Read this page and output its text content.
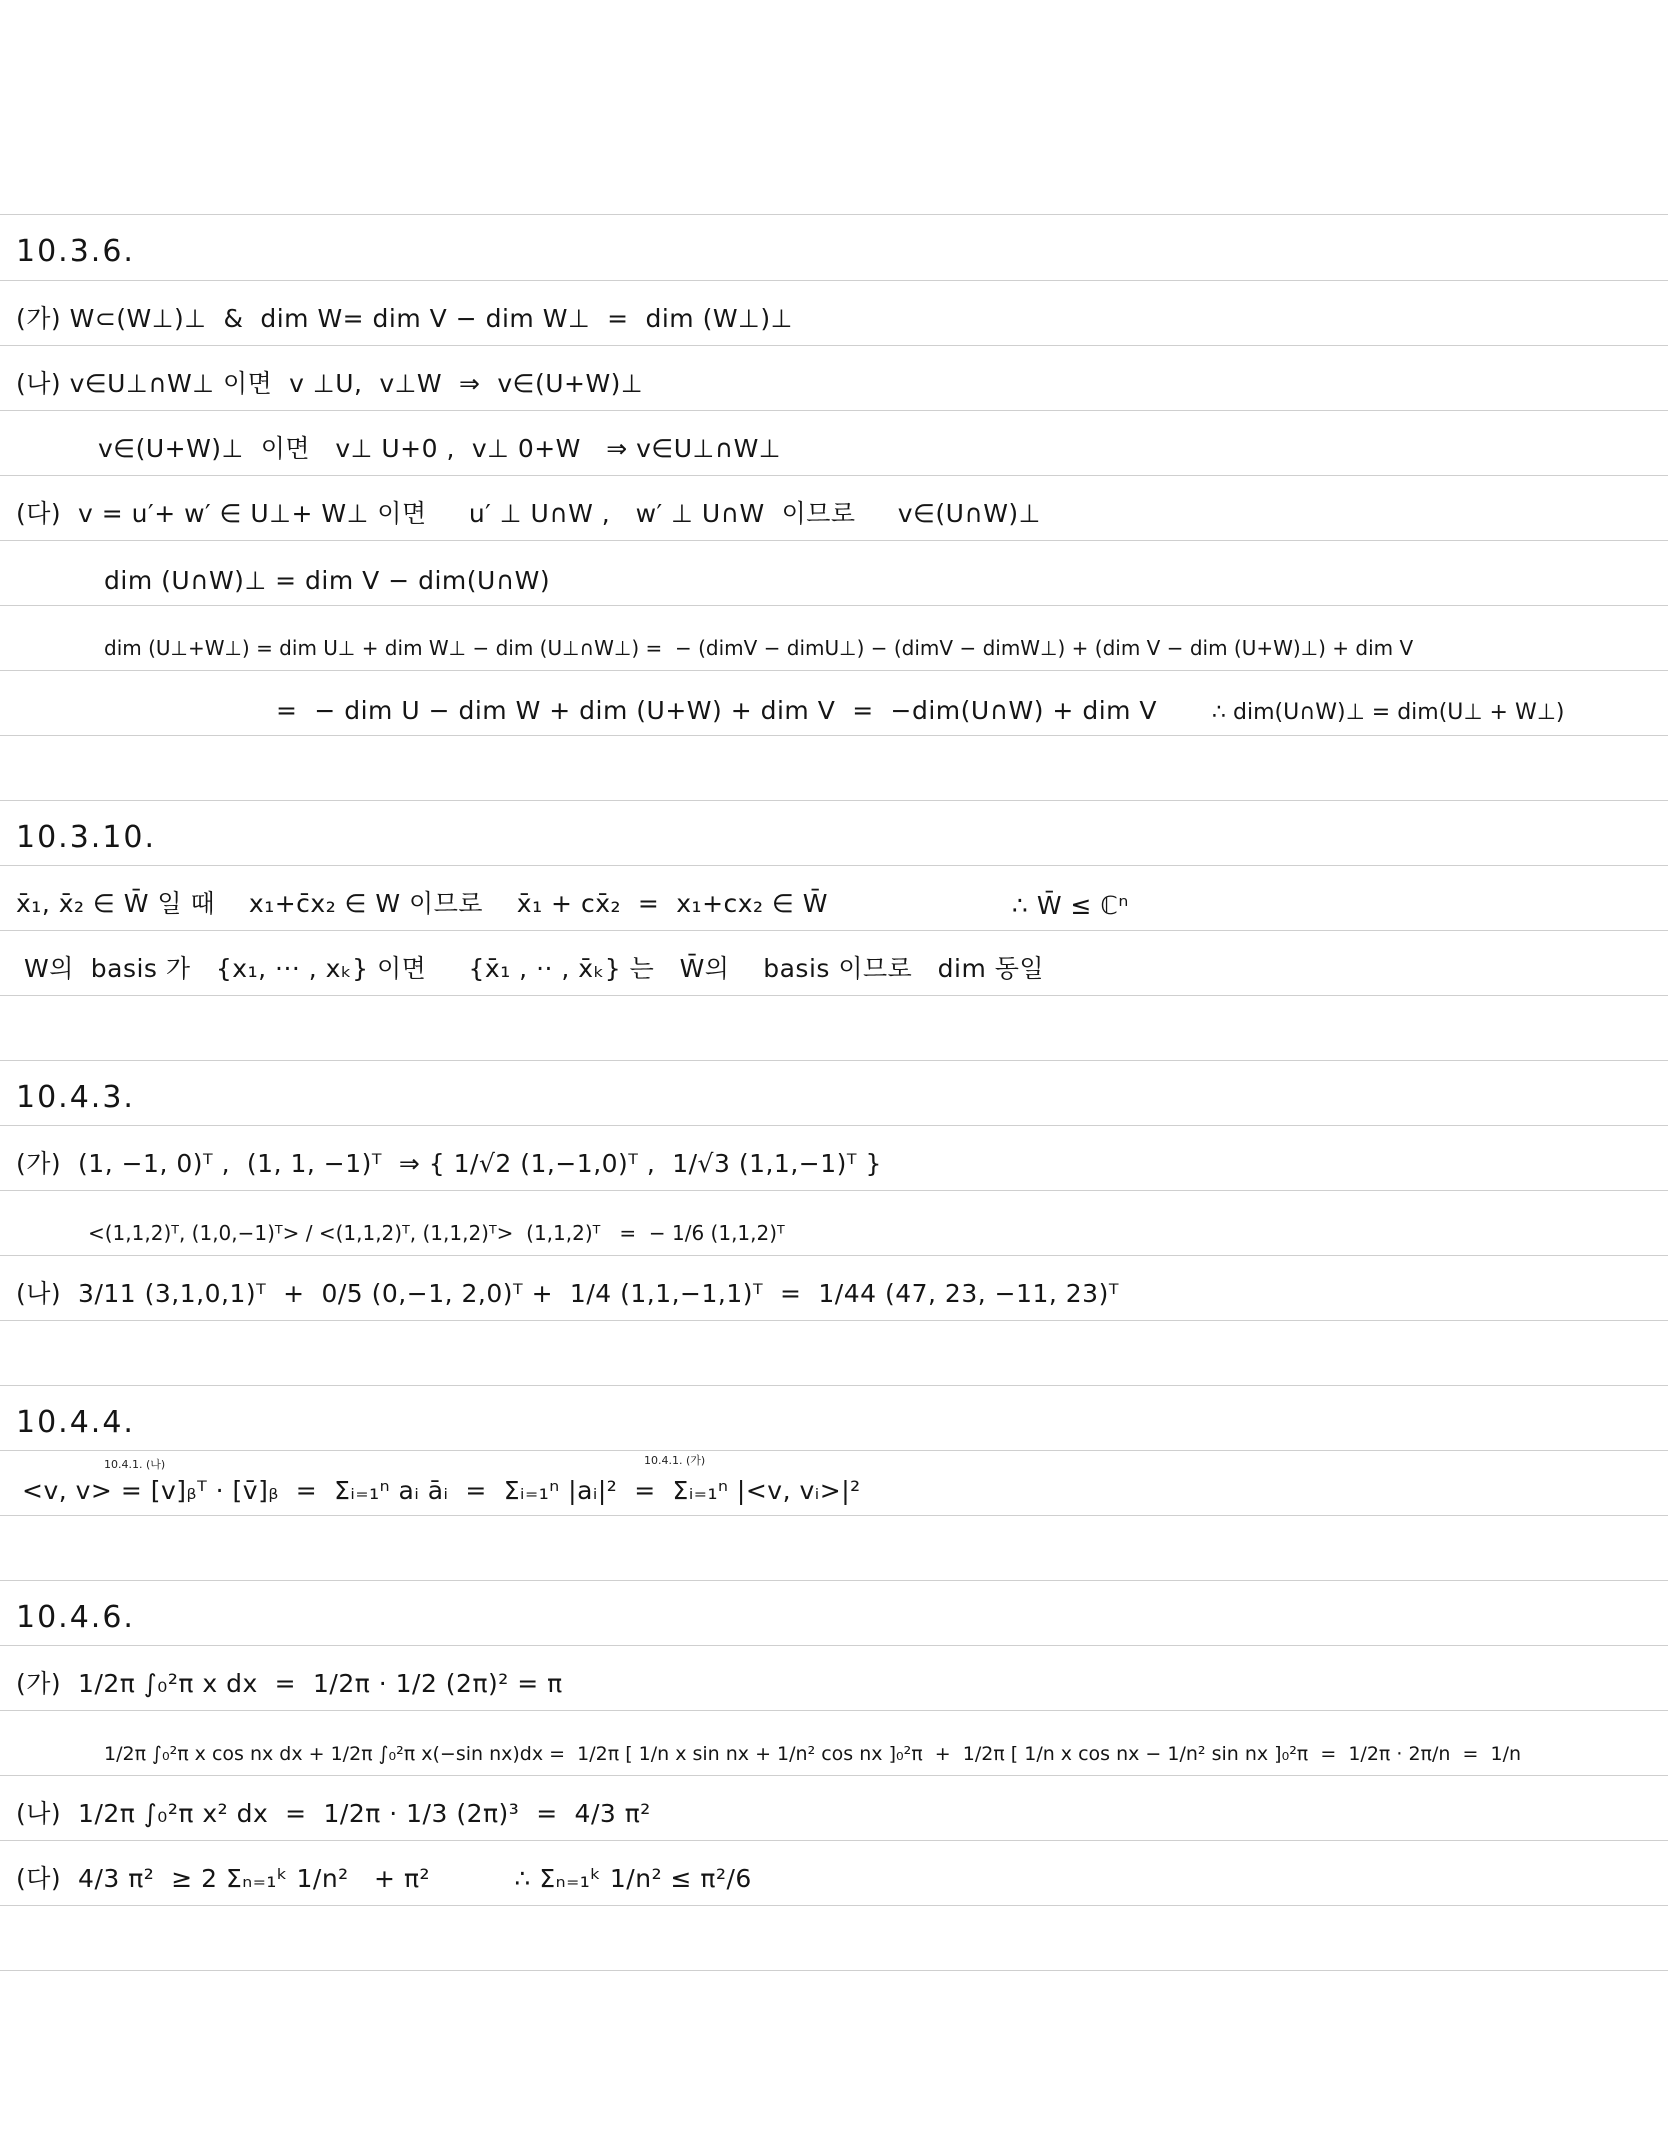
10.3.6.
(가) W⊂(W⊥)⊥  &  dim W= dim V − dim W⊥  =  dim (W⊥)⊥
(나) v∈U⊥∩W⊥ 이면  v ⊥U,  v⊥W  ⇒  v∈(U+W)⊥
v∈(U+W)⊥  이면   v⊥ U+0 ,  v⊥ 0+W   ⇒ v∈U⊥∩W⊥
(다)  v = u′+ w′ ∈ U⊥+ W⊥ 이면     u′ ⊥ U∩W ,   w′ ⊥ U∩W  이므로     v∈(U∩W)⊥
dim (U∩W)⊥ = dim V − dim(U∩W)
dim (U⊥+W⊥) = dim U⊥ + dim W⊥ − dim (U⊥∩W⊥) =  − (dimV − dimU⊥) − (dimV − dimW⊥) + (dim V − dim (U+W)⊥) + dim V
=  − dim U − dim W + dim (U+W) + dim V  =  −dim(U∩W) + dim V ∴ dim(U∩W)⊥ = dim(U⊥ + W⊥)
10.3.10.
x̄₁, x̄₂ ∈ W̄ 일 때    x₁+c̄x₂ ∈ W 이므로    x̄₁ + cx̄₂  =  x₁+cx₂ ∈ W̄	∴ W̄ ≤ ℂⁿ
W의  basis 가   {x₁, ··· , xₖ} 이면     {x̄₁ , ·· , x̄ₖ} 는   W̄의    basis 이므로   dim 동일
10.4.3.
(가)  (1, −1, 0)ᵀ ,  (1, 1, −1)ᵀ  ⇒ { 1/√2 (1,−1,0)ᵀ ,  1/√3 (1,1,−1)ᵀ }
<(1,1,2)ᵀ, (1,0,−1)ᵀ> / <(1,1,2)ᵀ, (1,1,2)ᵀ>  (1,1,2)ᵀ   =  − 1/6 (1,1,2)ᵀ
(나)  3/11 (3,1,0,1)ᵀ  +  0/5 (0,−1, 2,0)ᵀ +  1/4 (1,1,−1,1)ᵀ  =  1/44 (47, 23, −11, 23)ᵀ
10.4.4.
10.4.1. (나)	10.4.1. (가)
<v, v> = [v]ᵦᵀ · [v̄]ᵦ  =  Σᵢ₌₁ⁿ aᵢ āᵢ  =  Σᵢ₌₁ⁿ |aᵢ|²  =  Σᵢ₌₁ⁿ |<v, vᵢ>|²
10.4.6.
(가)  1/2π ∫₀²π x dx  =  1/2π · 1/2 (2π)² = π
1/2π ∫₀²π x cos nx dx + 1/2π ∫₀²π x(−sin nx)dx =  1/2π [ 1/n x sin nx + 1/n² cos nx ]₀²π  +  1/2π [ 1/n x cos nx − 1/n² sin nx ]₀²π  =  1/2π · 2π/n  =  1/n
(나)  1/2π ∫₀²π x² dx  =  1/2π · 1/3 (2π)³  =  4/3 π²
(다)  4/3 π²  ≥ 2 Σₙ₌₁ᵏ 1/n²   + π²          ∴ Σₙ₌₁ᵏ 1/n² ≤ π²/6
